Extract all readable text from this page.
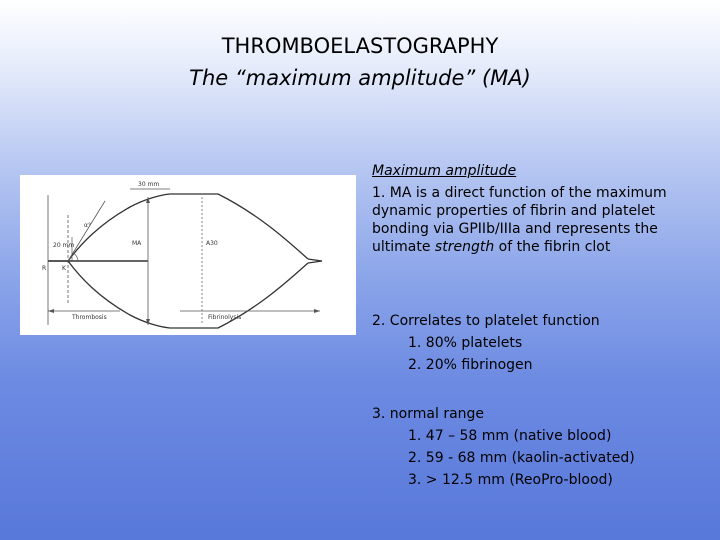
THROMBOELASTOGRAPHY
The “maximum amplitude” (MA)
R	K
α°
20 mm
30 mm
MA	A30
Thrombosis	Fibrinolysis
Maximum amplitude
1. MA is a direct function of the maximum dynamic properties of fibrin and platelet bonding via GPIIb/IIIa and represents the ultimate strength of the fibrin clot
2. Correlates to platelet function
1. 80% platelets
2. 20% fibrinogen
3. normal range
1. 47 – 58 mm (native blood)
2. 59 - 68 mm (kaolin-activated)
3. > 12.5 mm (ReoPro-blood)
